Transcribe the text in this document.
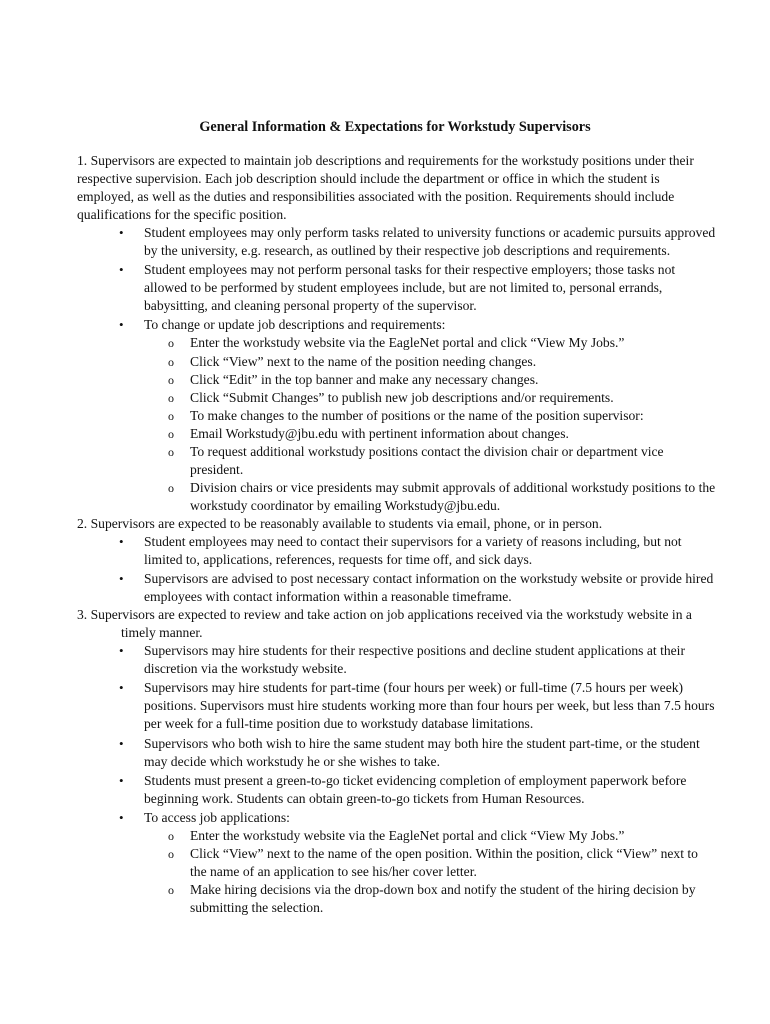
General Information & Expectations for Workstudy Supervisors

1. Supervisors are expected to maintain job descriptions and requirements for the workstudy positions under their respective supervision. Each job description should include the department or office in which the student is employed, as well as the duties and responsibilities associated with the position. Requirements should include qualifications for the specific position.

• Student employees may only perform tasks related to university functions or academic pursuits approved by the university, e.g. research, as outlined by their respective job descriptions and requirements.
• Student employees may not perform personal tasks for their respective employers; those tasks not allowed to be performed by student employees include, but are not limited to, personal errands, babysitting, and cleaning personal property of the supervisor.
• To change or update job descriptions and requirements:
o Enter the workstudy website via the EagleNet portal and click “View My Jobs.”
o Click “View” next to the name of the position needing changes.
o Click “Edit” in the top banner and make any necessary changes.
o Click “Submit Changes” to publish new job descriptions and/or requirements.
o To make changes to the number of positions or the name of the position supervisor:
o Email Workstudy@jbu.edu with pertinent information about changes.
o To request additional workstudy positions contact the division chair or department vice president.
o Division chairs or vice presidents may submit approvals of additional workstudy positions to the workstudy coordinator by emailing Workstudy@jbu.edu.

2. Supervisors are expected to be reasonably available to students via email, phone, or in person.

• Student employees may need to contact their supervisors for a variety of reasons including, but not limited to, applications, references, requests for time off, and sick days.
• Supervisors are advised to post necessary contact information on the workstudy website or provide hired employees with contact information within a reasonable timeframe.

3. Supervisors are expected to review and take action on job applications received via the workstudy website in a timely manner.

• Supervisors may hire students for their respective positions and decline student applications at their discretion via the workstudy website.
• Supervisors may hire students for part-time (four hours per week) or full-time (7.5 hours per week) positions. Supervisors must hire students working more than four hours per week, but less than 7.5 hours per week for a full-time position due to workstudy database limitations.
• Supervisors who both wish to hire the same student may both hire the student part-time, or the student may decide which workstudy he or she wishes to take.
• Students must present a green-to-go ticket evidencing completion of employment paperwork before beginning work. Students can obtain green-to-go tickets from Human Resources.
• To access job applications:
o Enter the workstudy website via the EagleNet portal and click “View My Jobs.”
o Click “View” next to the name of the open position. Within the position, click “View” next to the name of an application to see his/her cover letter.
o Make hiring decisions via the drop-down box and notify the student of the hiring decision by submitting the selection.
